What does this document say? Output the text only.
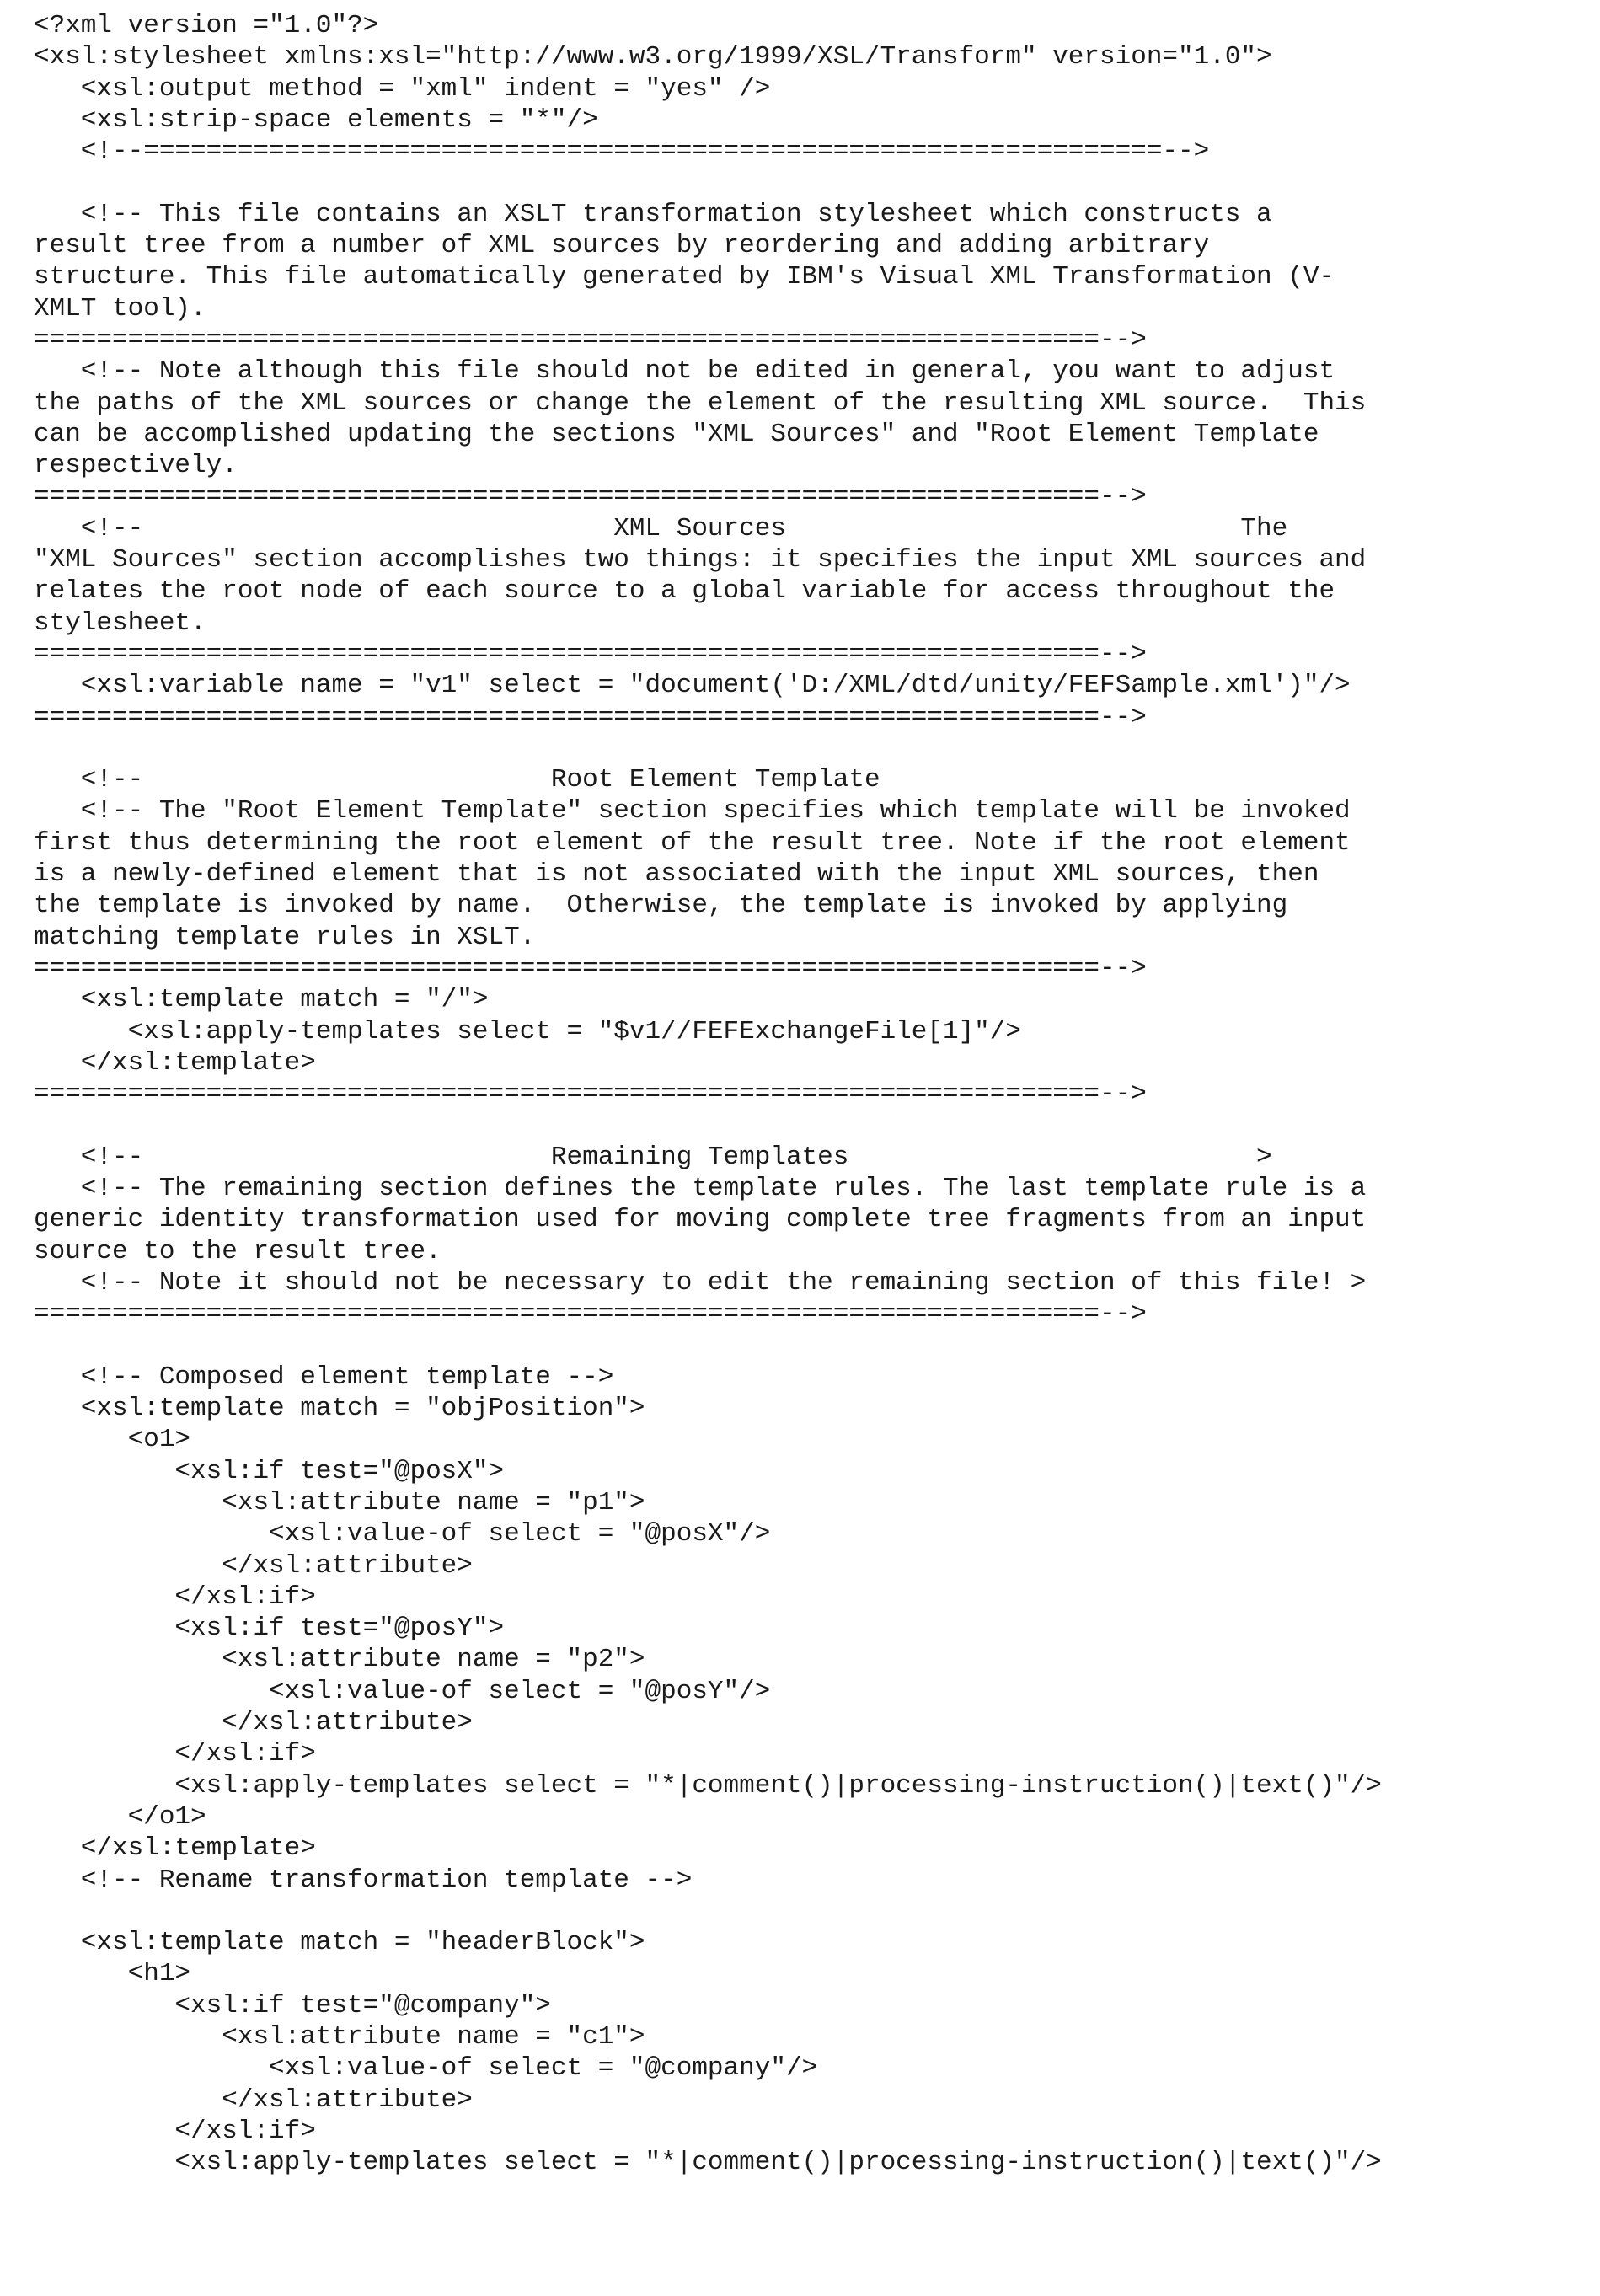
<?xml version ="1.0"?>
<xsl:stylesheet xmlns:xsl="http://www.w3.org/1999/XSL/Transform" version="1.0">
<xsl:output method = "xml" indent = "yes" />
<xsl:strip-space elements = "*"/>
<!--=================================================================-->
<!-- This file contains an XSLT transformation stylesheet which constructs a
result tree from a number of XML sources by reordering and adding arbitrary
structure. This file automatically generated by IBM's Visual XML Transformation (V-
XMLT tool).
====================================================================-->
<!-- Note although this file should not be edited in general, you want to adjust
the paths of the XML sources or change the element of the resulting XML source.  This
can be accomplished updating the sections "XML Sources" and "Root Element Template
respectively.
====================================================================-->
<!--                              XML Sources                             The
"XML Sources" section accomplishes two things: it specifies the input XML sources and
relates the root node of each source to a global variable for access throughout the
stylesheet.
====================================================================-->
<xsl:variable name = "v1" select = "document('D:/XML/dtd/unity/FEFSample.xml')"/>
====================================================================-->
<!--                          Root Element Template
<!-- The "Root Element Template" section specifies which template will be invoked
first thus determining the root element of the result tree. Note if the root element
is a newly-defined element that is not associated with the input XML sources, then
the template is invoked by name.  Otherwise, the template is invoked by applying
matching template rules in XSLT.
====================================================================-->
<xsl:template match = "/">
<xsl:apply-templates select = "$v1//FEFExchangeFile[1]"/>
</xsl:template>
====================================================================-->
<!--                          Remaining Templates                          >
<!-- The remaining section defines the template rules. The last template rule is a
generic identity transformation used for moving complete tree fragments from an input
source to the result tree.
<!-- Note it should not be necessary to edit the remaining section of this file! >
====================================================================-->
<!-- Composed element template -->
<xsl:template match = "objPosition">
<o1>
<xsl:if test="@posX">
<xsl:attribute name = "p1">
<xsl:value-of select = "@posX"/>
</xsl:attribute>
</xsl:if>
<xsl:if test="@posY">
<xsl:attribute name = "p2">
<xsl:value-of select = "@posY"/>
</xsl:attribute>
</xsl:if>
<xsl:apply-templates select = "*|comment()|processing-instruction()|text()"/>
</o1>
</xsl:template>
<!-- Rename transformation template -->
<xsl:template match = "headerBlock">
<h1>
<xsl:if test="@company">
<xsl:attribute name = "c1">
<xsl:value-of select = "@company"/>
</xsl:attribute>
</xsl:if>
<xsl:apply-templates select = "*|comment()|processing-instruction()|text()"/>
